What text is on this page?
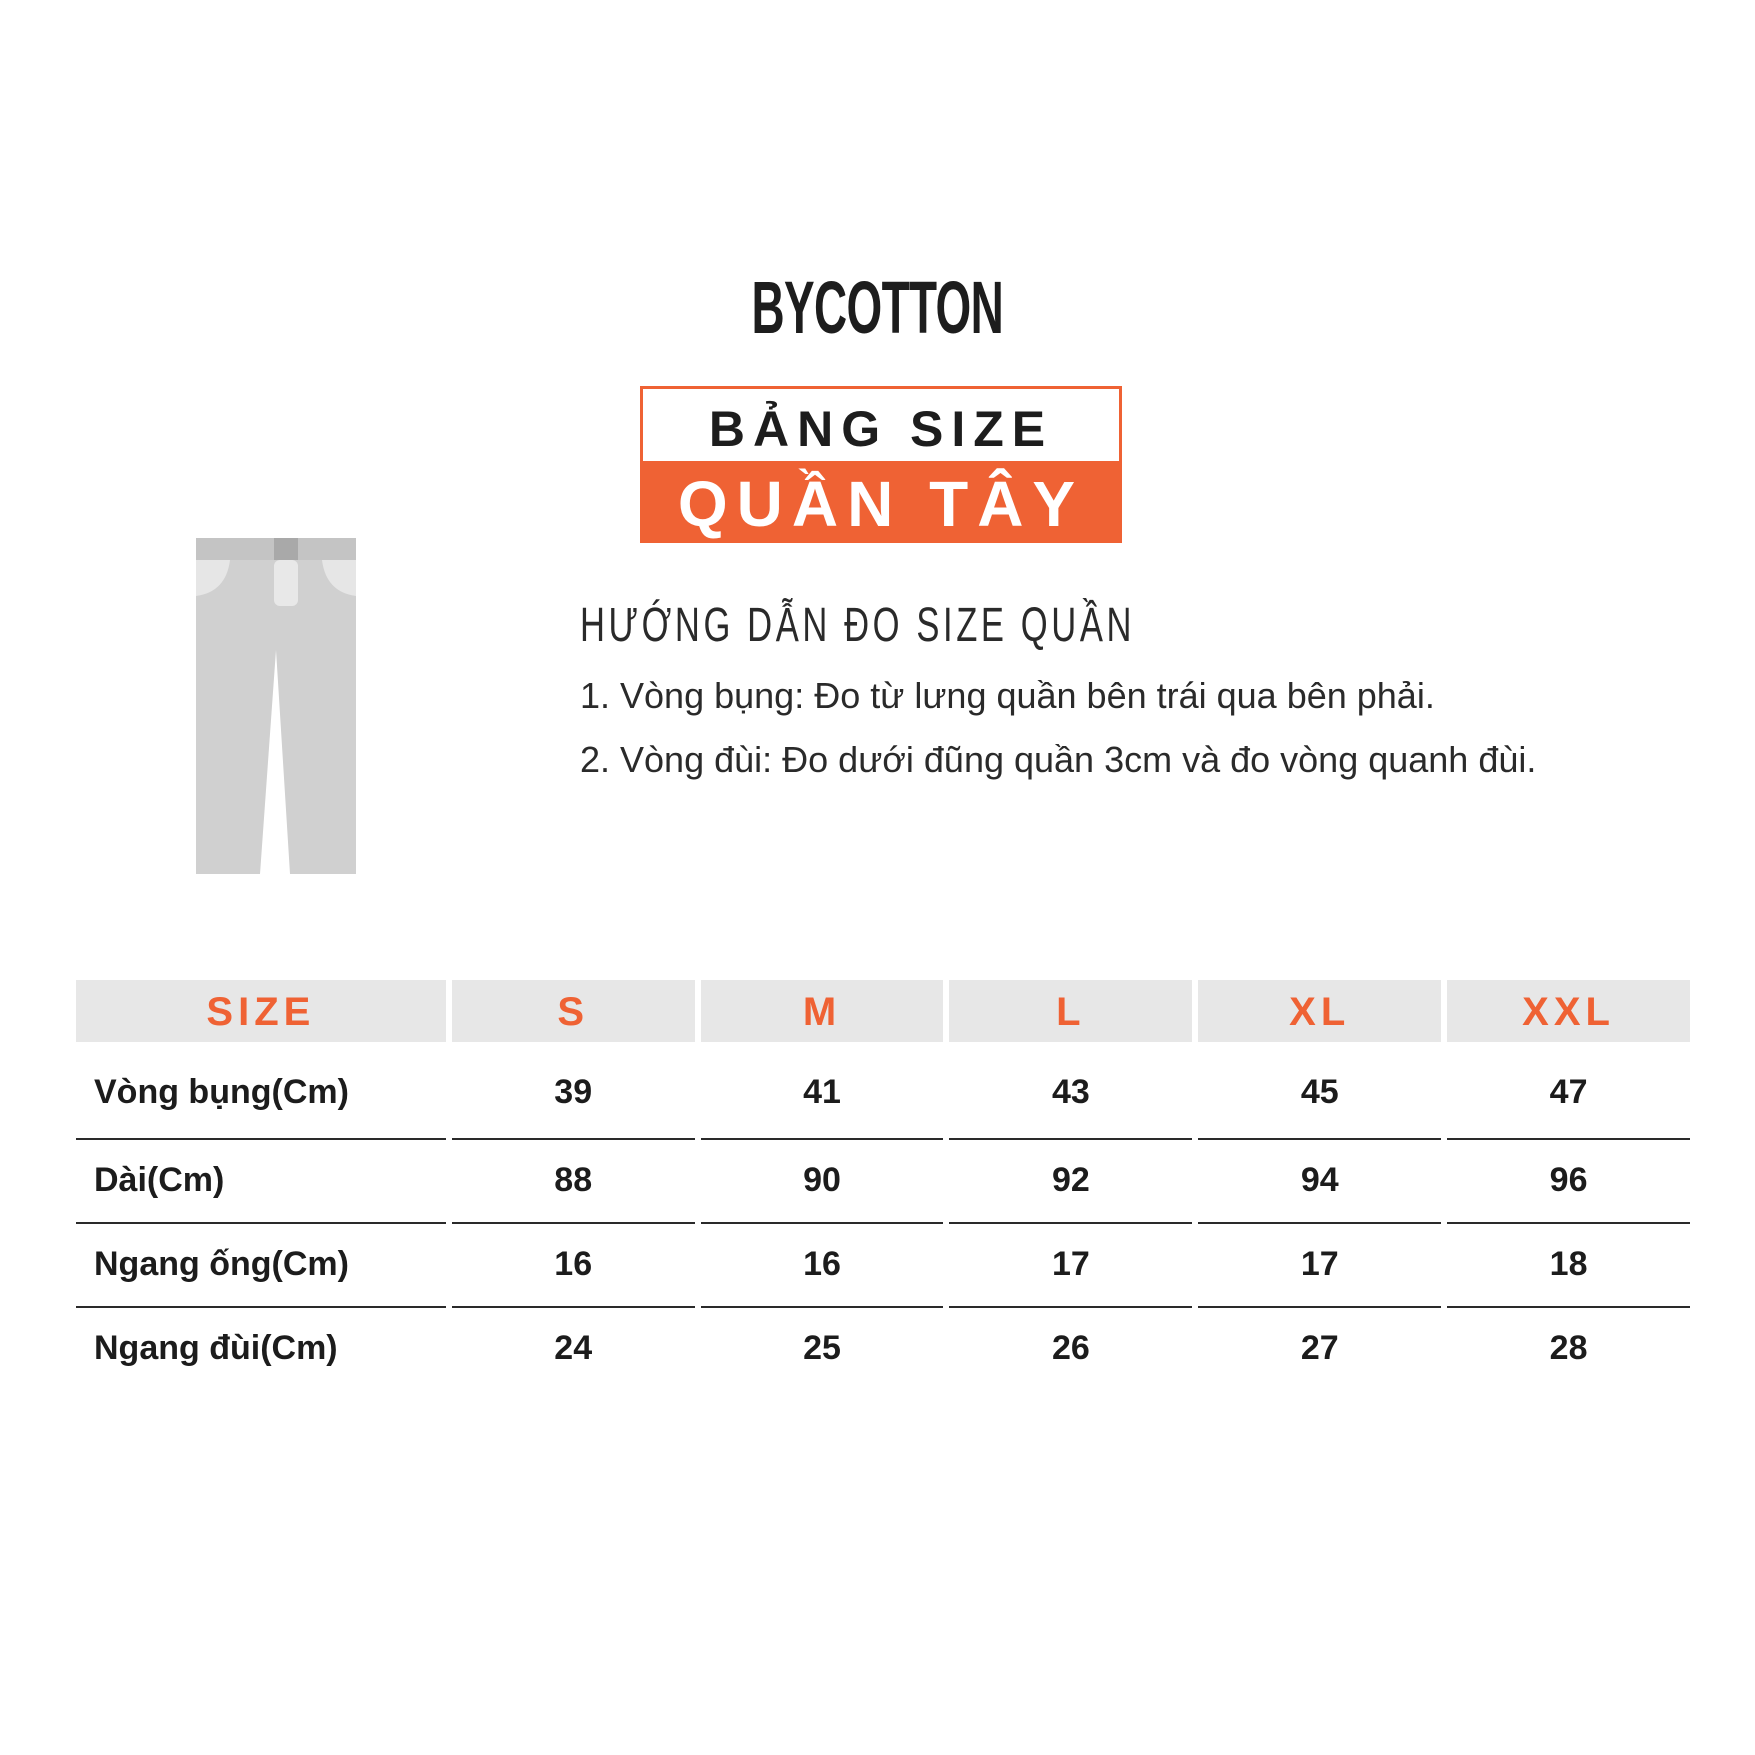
BYCOTTON
BẢNG SIZE
QUẦN TÂY
HƯỚNG DẪN ĐO SIZE QUẦN
1. Vòng bụng: Đo từ lưng quần bên trái qua bên phải.
2. Vòng đùi: Đo dưới đũng quần 3cm và đo vòng quanh đùi.
SIZE	S	M	L	XL	XXL
Vòng bụng(Cm)	39	41	43	45	47
Dài(Cm)	88	90	92	94	96
Ngang ống(Cm)	16	16	17	17	18
Ngang đùi(Cm)	24	25	26	27	28
